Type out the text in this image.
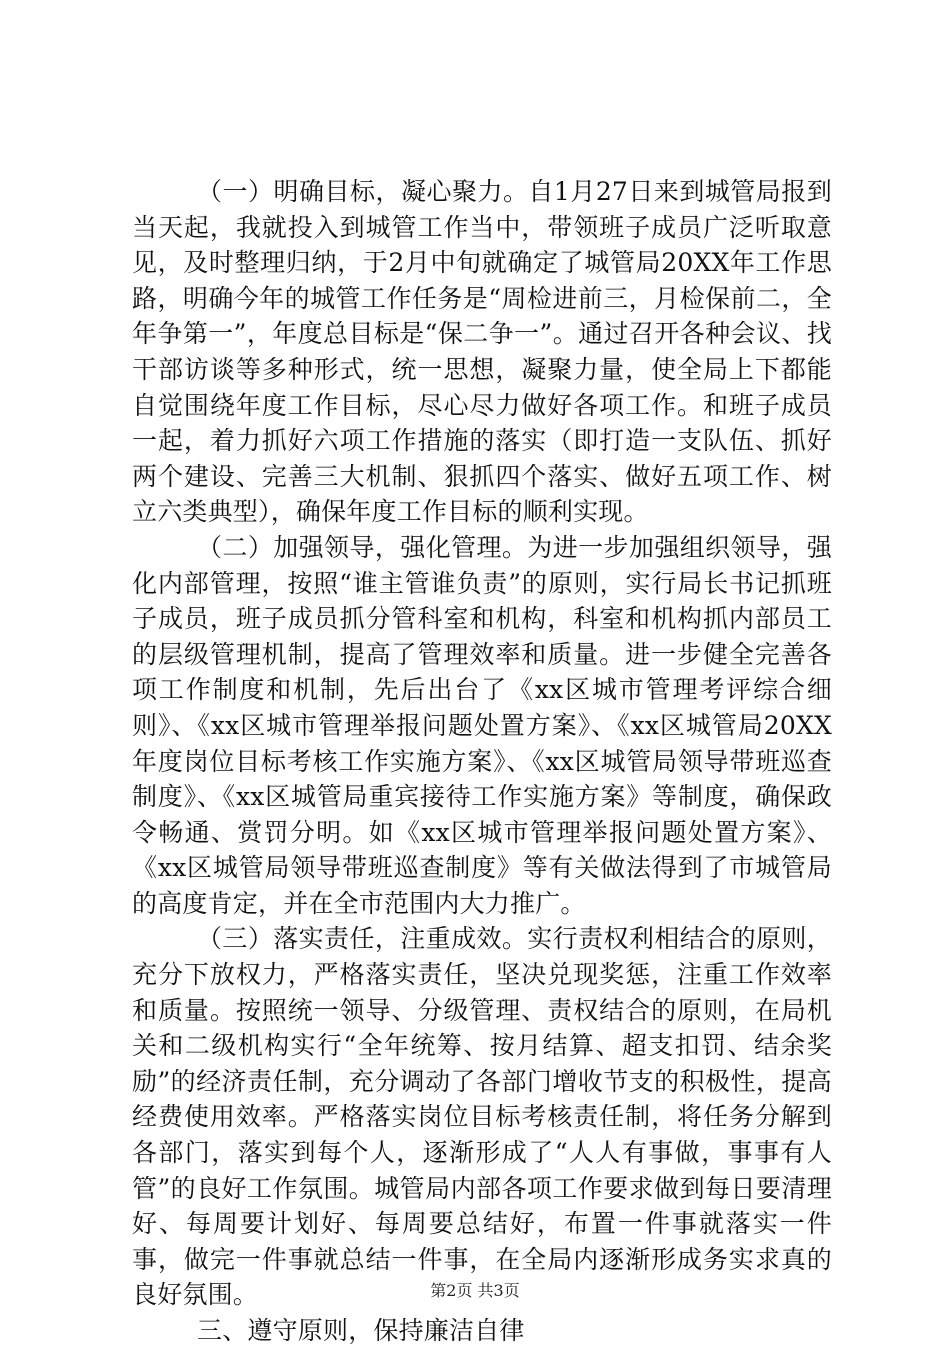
（一）明确目标，凝心聚力。自1月27日来到城管局报到当天起，我就投入到城管工作当中，带领班子成员广泛听取意见，及时整理归纳，于2月中旬就确定了城管局20XX年工作思路，明确今年的城管工作任务是“周检进前三，月检保前二，全年争第一”，年度总目标是“保二争一”。通过召开各种会议、找干部访谈等多种形式，统一思想，凝聚力量，使全局上下都能自觉围绕年度工作目标，尽心尽力做好各项工作。和班子成员一起，着力抓好六项工作措施的落实（即打造一支队伍、抓好两个建设、完善三大机制、狠抓四个落实、做好五项工作、树立六类典型），确保年度工作目标的顺利实现。

（二）加强领导，强化管理。为进一步加强组织领导，强化内部管理，按照“谁主管谁负责”的原则，实行局长书记抓班子成员，班子成员抓分管科室和机构，科室和机构抓内部员工的层级管理机制，提高了管理效率和质量。进一步健全完善各项工作制度和机制，先后出台了《xx区城市管理考评综合细则》、《xx区城市管理举报问题处置方案》、《xx区城管局20XX年度岗位目标考核工作实施方案》、《xx区城管局领导带班巡查制度》、《xx区城管局重宾接待工作实施方案》等制度，确保政令畅通、赏罚分明。如《xx区城市管理举报问题处置方案》、《xx区城管局领导带班巡查制度》等有关做法得到了市城管局的高度肯定，并在全市范围内大力推广。

（三）落实责任，注重成效。实行责权利相结合的原则，充分下放权力，严格落实责任，坚决兑现奖惩，注重工作效率和质量。按照统一领导、分级管理、责权结合的原则，在局机关和二级机构实行“全年统筹、按月结算、超支扣罚、结余奖励”的经济责任制，充分调动了各部门增收节支的积极性，提高经费使用效率。严格落实岗位目标考核责任制，将任务分解到各部门，落实到每个人，逐渐形成了“人人有事做，事事有人管”的良好工作氛围。城管局内部各项工作要求做到每日要清理好、每周要计划好、每周要总结好，布置一件事就落实一件事，做完一件事就总结一件事，在全局内逐渐形成务实求真的良好氛围。

三、遵守原则，保持廉洁自律

第2页 共3页
